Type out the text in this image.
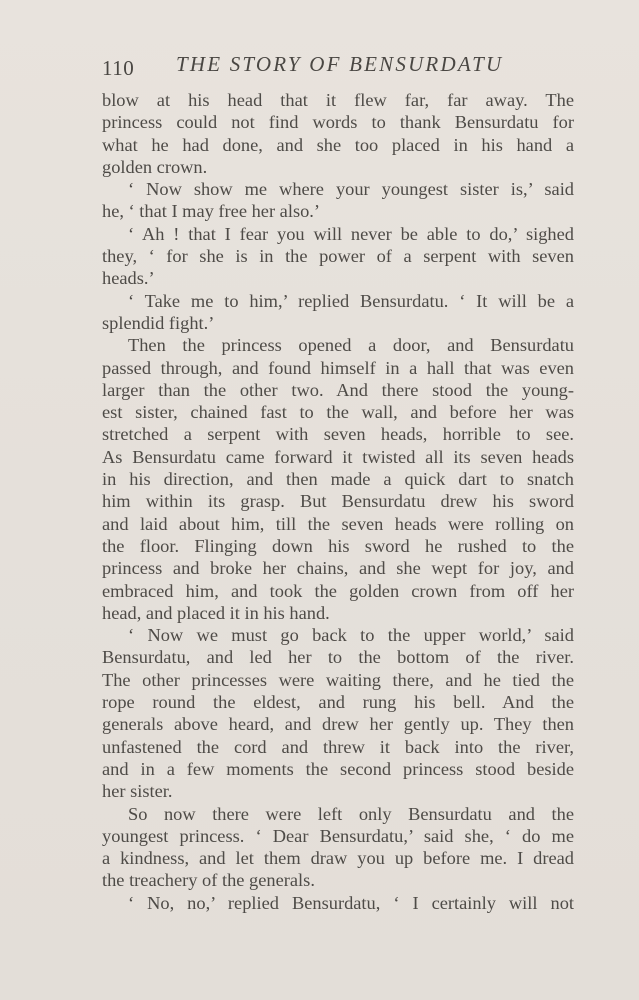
110 THE STORY OF BENSURDATU
blow at his head that it flew far, far away. The
princess could not find words to thank Bensurdatu for
what he had done, and she too placed in his hand a
golden crown.
‘ Now show me where your youngest sister is,’ said
he, ‘ that I may free her also.’
‘ Ah ! that I fear you will never be able to do,’ sighed
they, ‘ for she is in the power of a serpent with seven
heads.’
‘ Take me to him,’ replied Bensurdatu. ‘ It will be a
splendid fight.’
Then the princess opened a door, and Bensurdatu
passed through, and found himself in a hall that was even
larger than the other two. And there stood the young-
est sister, chained fast to the wall, and before her was
stretched a serpent with seven heads, horrible to see.
As Bensurdatu came forward it twisted all its seven heads
in his direction, and then made a quick dart to snatch
him within its grasp. But Bensurdatu drew his sword
and laid about him, till the seven heads were rolling on
the floor. Flinging down his sword he rushed to the
princess and broke her chains, and she wept for joy, and
embraced him, and took the golden crown from off her
head, and placed it in his hand.
‘ Now we must go back to the upper world,’ said
Bensurdatu, and led her to the bottom of the river.
The other princesses were waiting there, and he tied the
rope round the eldest, and rung his bell. And the
generals above heard, and drew her gently up. They then
unfastened the cord and threw it back into the river,
and in a few moments the second princess stood beside
her sister.
So now there were left only Bensurdatu and the
youngest princess. ‘ Dear Bensurdatu,’ said she, ‘ do me
a kindness, and let them draw you up before me. I dread
the treachery of the generals.
‘ No, no,’ replied Bensurdatu, ‘ I certainly will not
